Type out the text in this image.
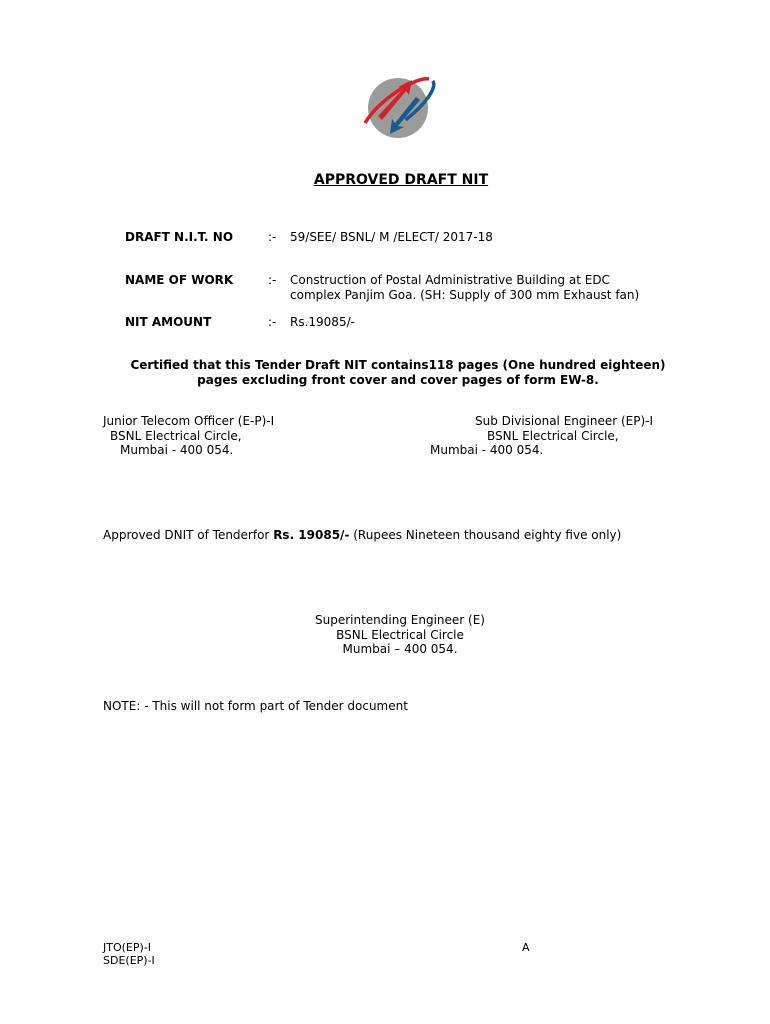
APPROVED DRAFT NIT
DRAFT N.I.T. NO	:- 59/SEE/ BSNL/ M /ELECT/ 2017-18
NAME OF WORK	:- Construction of Postal Administrative Building at EDC
complex Panjim Goa. (SH: Supply of 300 mm Exhaust fan)
NIT AMOUNT	:- Rs.19085/-
Certified that this Tender Draft NIT contains118 pages (One hundred eighteen)
pages excluding front cover and cover pages of form EW-8.
Junior Telecom Officer (E-P)-I
BSNL Electrical Circle,
Mumbai - 400 054.
Sub Divisional Engineer (EP)-I
BSNL Electrical Circle,
Mumbai - 400 054.
Approved DNIT of Tenderfor Rs. 19085/- (Rupees Nineteen thousand eighty five only)
Superintending Engineer (E)
BSNL Electrical Circle
Mumbai – 400 054.
NOTE: - This will not form part of Tender document
JTO(EP)-I
SDE(EP)-I
A
